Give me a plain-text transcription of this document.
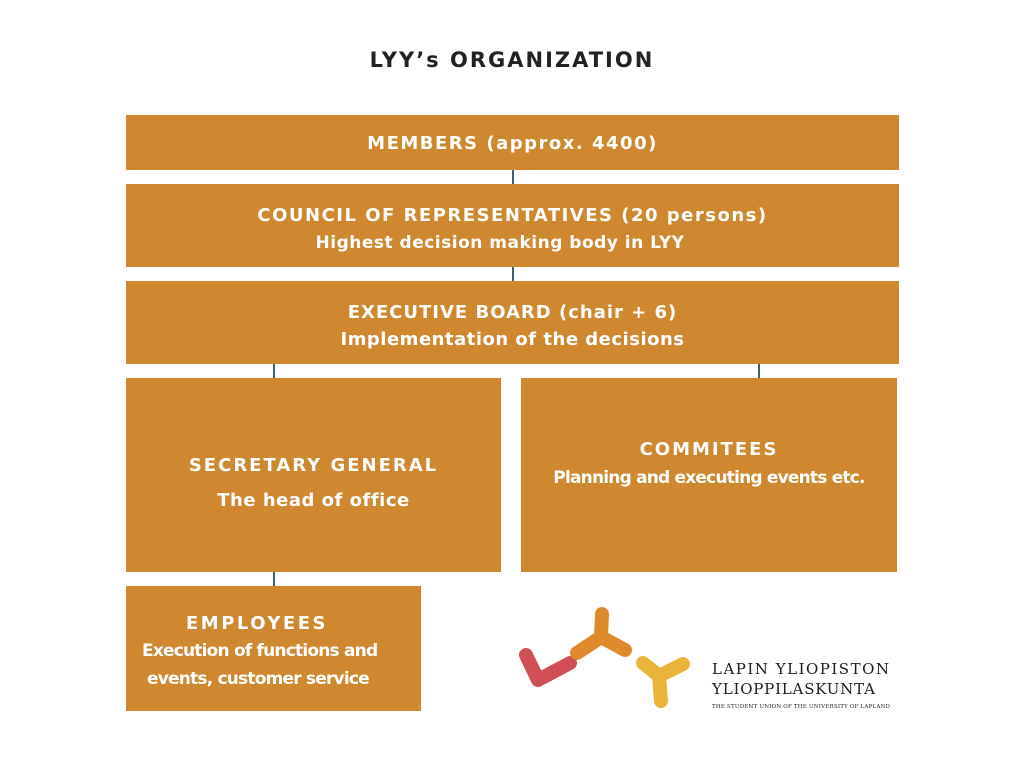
LYY’s ORGANIZATION
MEMBERS (approx. 4400)
COUNCIL OF REPRESENTATIVES (20 persons)
Highest decision making body in LYY
EXECUTIVE BOARD (chair + 6)
Implementation of the decisions
SECRETARY GENERAL
The head of office
COMMITEES
Planning and executing events etc.
EMPLOYEES
Execution of functions and
events, customer service	LAPIN YLIOPISTON
YLIOPPILASKUNTA
THE STUDENT UNION OF THE UNIVERSITY OF LAPLAND
